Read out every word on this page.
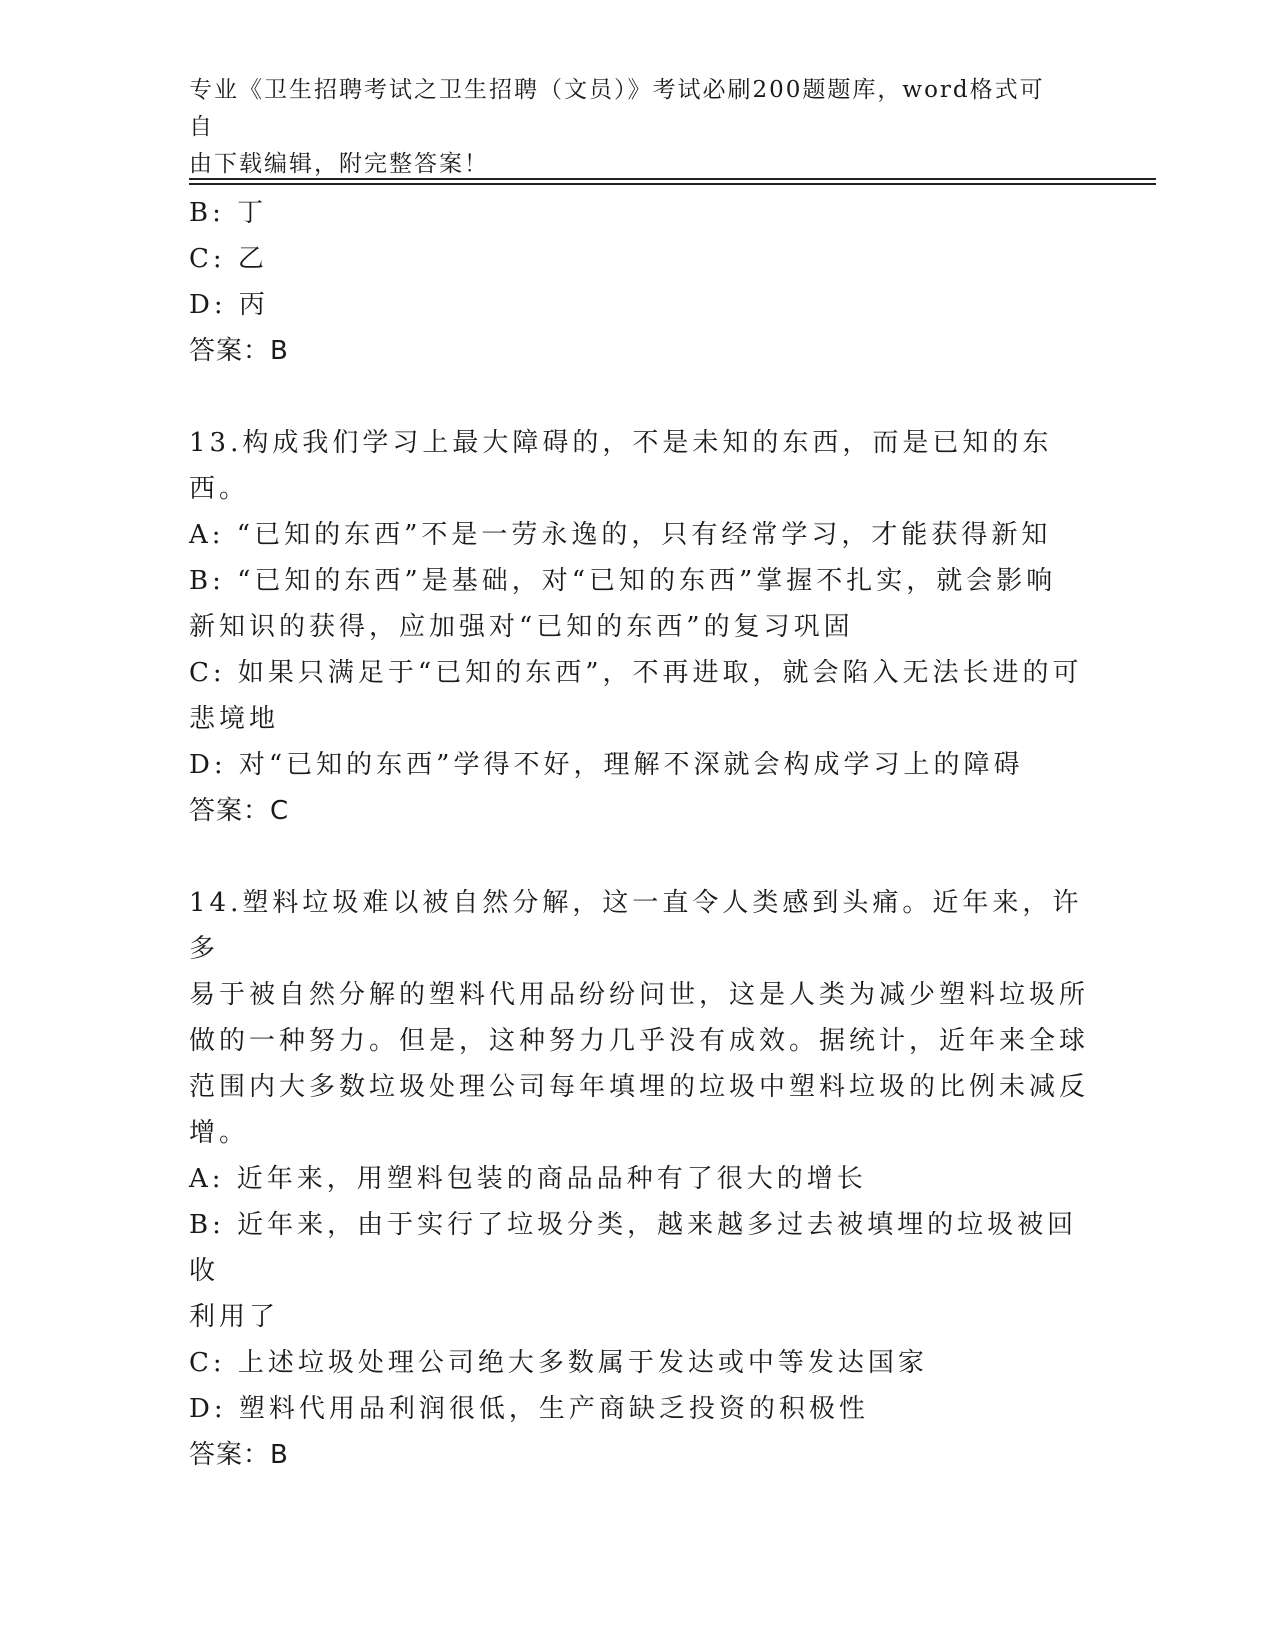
专业《卫生招聘考试之卫生招聘（文员）》考试必刷200题题库，word格式可自
由下载编辑，附完整答案！

B: 丁

C: 乙

D: 丙

答案：B

13.构成我们学习上最大障碍的，不是未知的东西，而是已知的东西。

A: “已知的东西”不是一劳永逸的，只有经常学习，才能获得新知

B: “已知的东西”是基础，对“已知的东西”掌握不扎实，就会影响

新知识的获得，应加强对“已知的东西”的复习巩固

C: 如果只满足于“已知的东西”，不再进取，就会陷入无法长进的可

悲境地

D: 对“已知的东西”学得不好，理解不深就会构成学习上的障碍

答案：C

14.塑料垃圾难以被自然分解，这一直令人类感到头痛。近年来，许多

易于被自然分解的塑料代用品纷纷问世，这是人类为减少塑料垃圾所

做的一种努力。但是，这种努力几乎没有成效。据统计，近年来全球

范围内大多数垃圾处理公司每年填埋的垃圾中塑料垃圾的比例未减反

增。

A: 近年来，用塑料包装的商品品种有了很大的增长

B: 近年来，由于实行了垃圾分类，越来越多过去被填埋的垃圾被回收

利用了

C: 上述垃圾处理公司绝大多数属于发达或中等发达国家

D: 塑料代用品利润很低，生产商缺乏投资的积极性

答案：B
